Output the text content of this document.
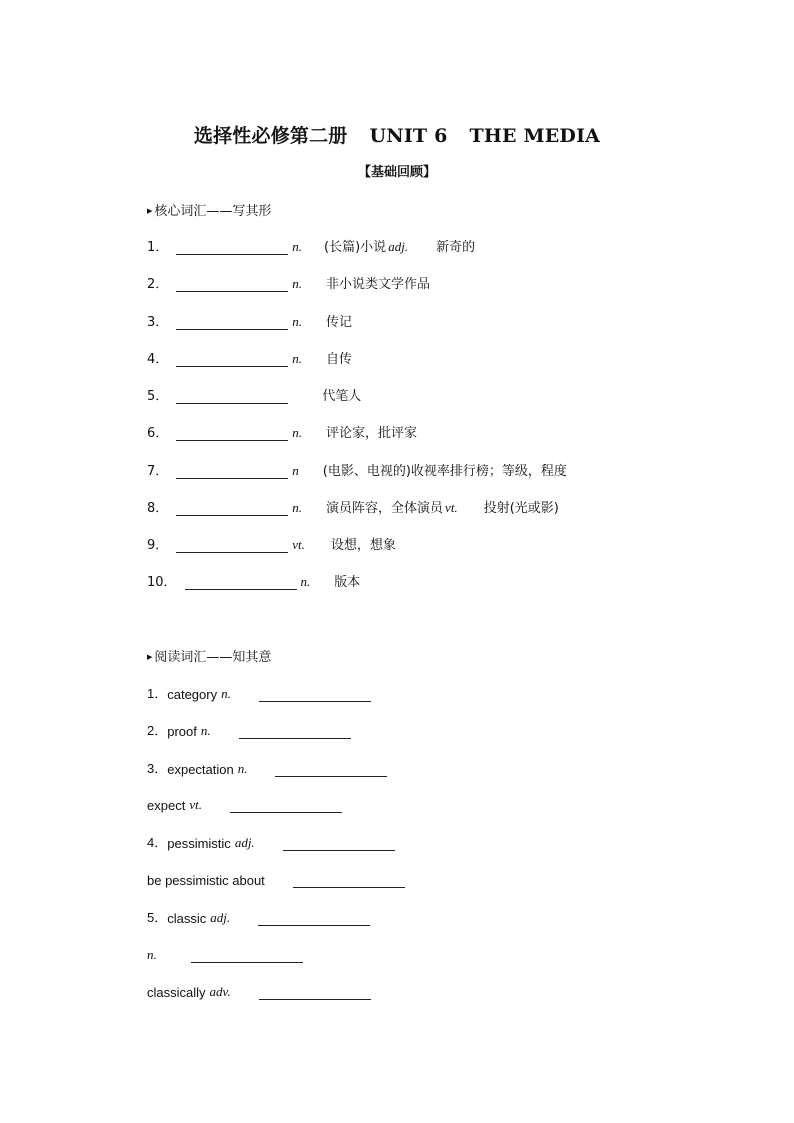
选择性必修第二册 UNIT 6 THE MEDIA
【基础回顾】
▶ 核心词汇——写其形
1．	n. (长篇)小说 adj. 新奇的
2．	n. 非小说类文学作品
3．	n. 传记
4．	n. 自传
5．	代笔人
6．	n. 评论家，批评家
7．	n (电影、电视的)收视率排行榜；等级，程度
8．	n. 演员阵容，全体演员 vt. 投射(光或影)
9．	vt. 设想，想象
10．	n. 版本
▶ 阅读词汇——知其意
1． category n.
2． proof n.
3． expectation n.
expect vt.
4． pessimistic adj.
be pessimistic about
5． classic adj.
n.
classically adv.
